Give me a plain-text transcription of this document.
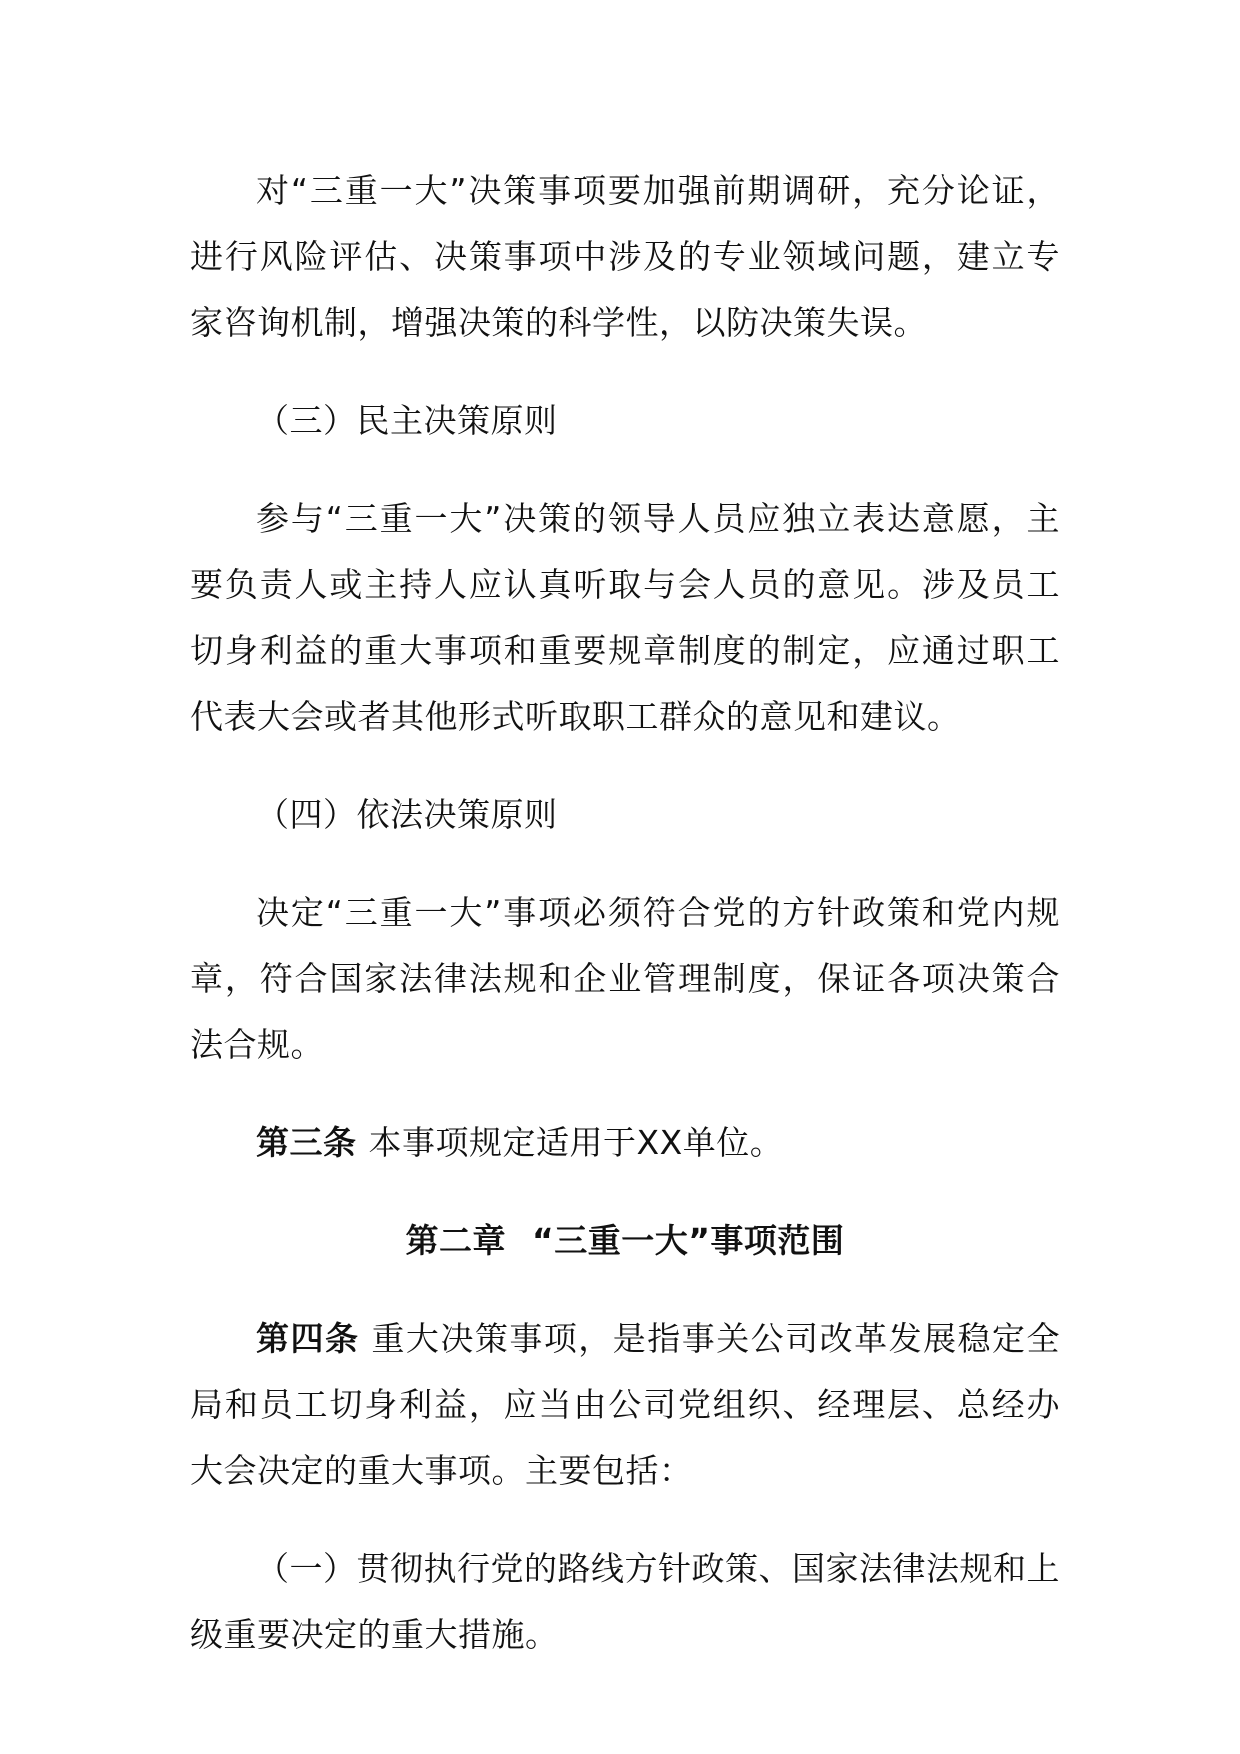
对“三重一大”决策事项要加强前期调研，充分论证，进行风险评估、决策事项中涉及的专业领域问题，建立专家咨询机制，增强决策的科学性，以防决策失误。

（三）民主决策原则

参与“三重一大”决策的领导人员应独立表达意愿，主要负责人或主持人应认真听取与会人员的意见。涉及员工切身利益的重大事项和重要规章制度的制定，应通过职工代表大会或者其他形式听取职工群众的意见和建议。

（四）依法决策原则

决定“三重一大”事项必须符合党的方针政策和党内规章，符合国家法律法规和企业管理制度，保证各项决策合法合规。

第三条 本事项规定适用于XX单位。

第二章 “三重一大”事项范围

第四条 重大决策事项，是指事关公司改革发展稳定全局和员工切身利益，应当由公司党组织、经理层、总经办大会决定的重大事项。主要包括：

（一）贯彻执行党的路线方针政策、国家法律法规和上级重要决定的重大措施。
